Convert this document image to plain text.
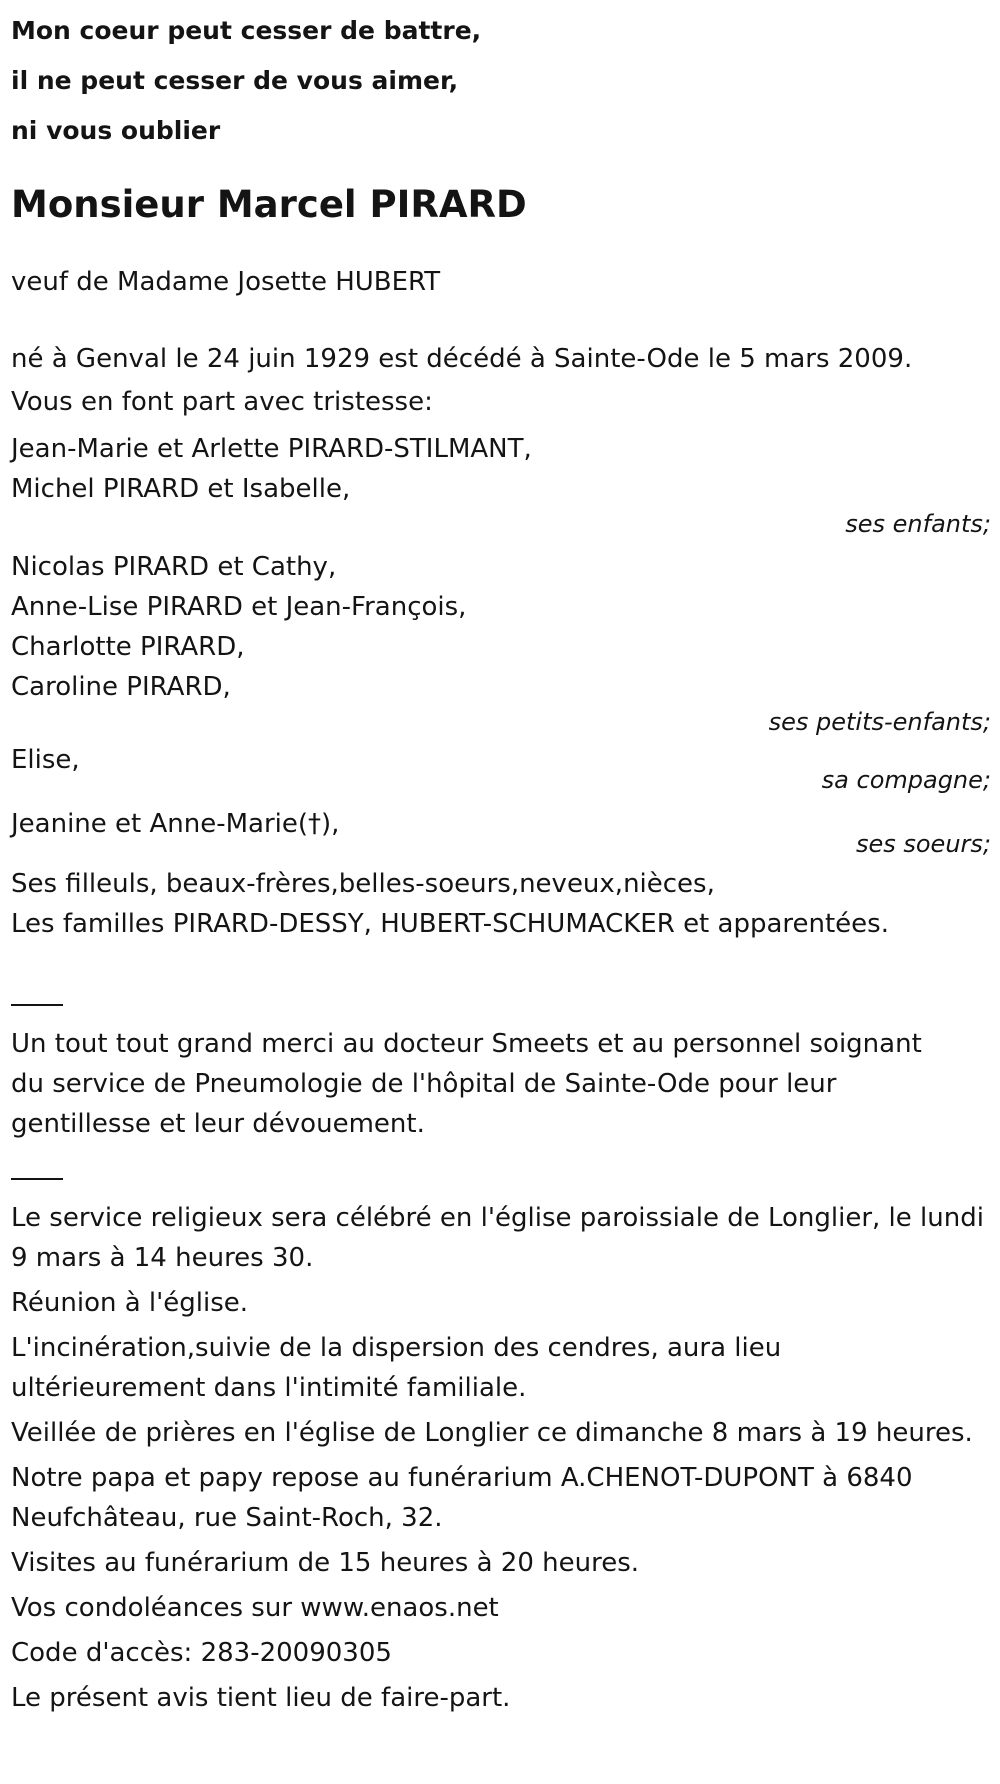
Mon coeur peut cesser de battre,
il ne peut cesser de vous aimer,
ni vous oublier
Monsieur Marcel PIRARD
veuf de Madame Josette HUBERT
né à Genval le 24 juin 1929 est décédé à Sainte-Ode le 5 mars 2009.
Vous en font part avec tristesse:
Jean-Marie et Arlette PIRARD-STILMANT,
Michel PIRARD et Isabelle,
ses enfants;
Nicolas PIRARD et Cathy,
Anne-Lise PIRARD et Jean-François,
Charlotte PIRARD,
Caroline PIRARD,
ses petits-enfants;
Elise,
sa compagne;
Jeanine et Anne-Marie(†),
ses soeurs;
Ses filleuls, beaux-frères,belles-soeurs,neveux,nièces,
Les familles PIRARD-DESSY, HUBERT-SCHUMACKER et apparentées.
Un tout tout grand merci au docteur Smeets et au personnel soignant
du service de Pneumologie de l'hôpital de Sainte-Ode pour leur
gentillesse et leur dévouement.
Le service religieux sera célébré en l'église paroissiale de Longlier, le lundi
9 mars à 14 heures 30.
Réunion à l'église.
L'incinération,suivie de la dispersion des cendres, aura lieu
ultérieurement dans l'intimité familiale.
Veillée de prières en l'église de Longlier ce dimanche 8 mars à 19 heures.
Notre papa et papy repose au funérarium A.CHENOT-DUPONT à 6840
Neufchâteau, rue Saint-Roch, 32.
Visites au funérarium de 15 heures à 20 heures.
Vos condoléances sur www.enaos.net
Code d'accès: 283-20090305
Le présent avis tient lieu de faire-part.
